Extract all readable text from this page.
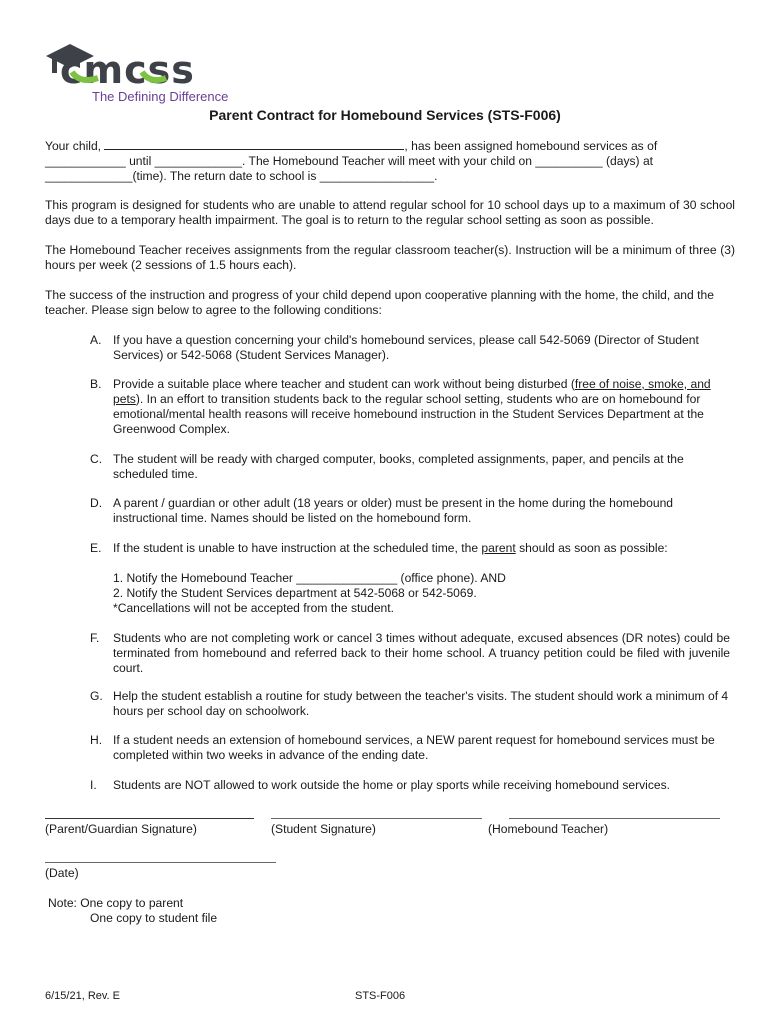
cmcss
The Defining Difference
Parent Contract for Homebound Services (STS-F006)
Your child,	, has been assigned homebound services as of
____________ until _____________. The Homebound Teacher will meet with your child on __________ (days) at
_____________(time). The return date to school is _________________.
This program is designed for students who are unable to attend regular school for 10 school days up to a maximum of 30 school days due to a temporary health impairment. The goal is to return to the regular school setting as soon as possible.
The Homebound Teacher receives assignments from the regular classroom teacher(s). Instruction will be a minimum of three (3) hours per week (2 sessions of 1.5 hours each).
The success of the instruction and progress of your child depend upon cooperative planning with the home, the child, and the teacher. Please sign below to agree to the following conditions:
A. If you have a question concerning your child's homebound services, please call 542-5069 (Director of Student Services) or 542-5068 (Student Services Manager).
B. Provide a suitable place where teacher and student can work without being disturbed (free of noise, smoke, and pets). In an effort to transition students back to the regular school setting, students who are on homebound for emotional/mental health reasons will receive homebound instruction in the Student Services Department at the Greenwood Complex.
C. The student will be ready with charged computer, books, completed assignments, paper, and pencils at the scheduled time.
D. A parent / guardian or other adult (18 years or older) must be present in the home during the homebound instructional time. Names should be listed on the homebound form.
E. If the student is unable to have instruction at the scheduled time, the parent should as soon as possible:
1. Notify the Homebound Teacher _______________ (office phone). AND
2. Notify the Student Services department at 542-5068 or 542-5069.
*Cancellations will not be accepted from the student.
F. Students who are not completing work or cancel 3 times without adequate, excused absences (DR notes) could be terminated from homebound and referred back to their home school. A truancy petition could be filed with juvenile court.
G. Help the student establish a routine for study between the teacher's visits. The student should work a minimum of 4 hours per school day on schoolwork.
H. If a student needs an extension of homebound services, a NEW parent request for homebound services must be completed within two weeks in advance of the ending date.
I. Students are NOT allowed to work outside the home or play sports while receiving homebound services.
(Parent/Guardian Signature)	(Student Signature)	(Homebound Teacher)
(Date)
Note: One copy to parent
One copy to student file
6/15/21, Rev. E	STS-F006
